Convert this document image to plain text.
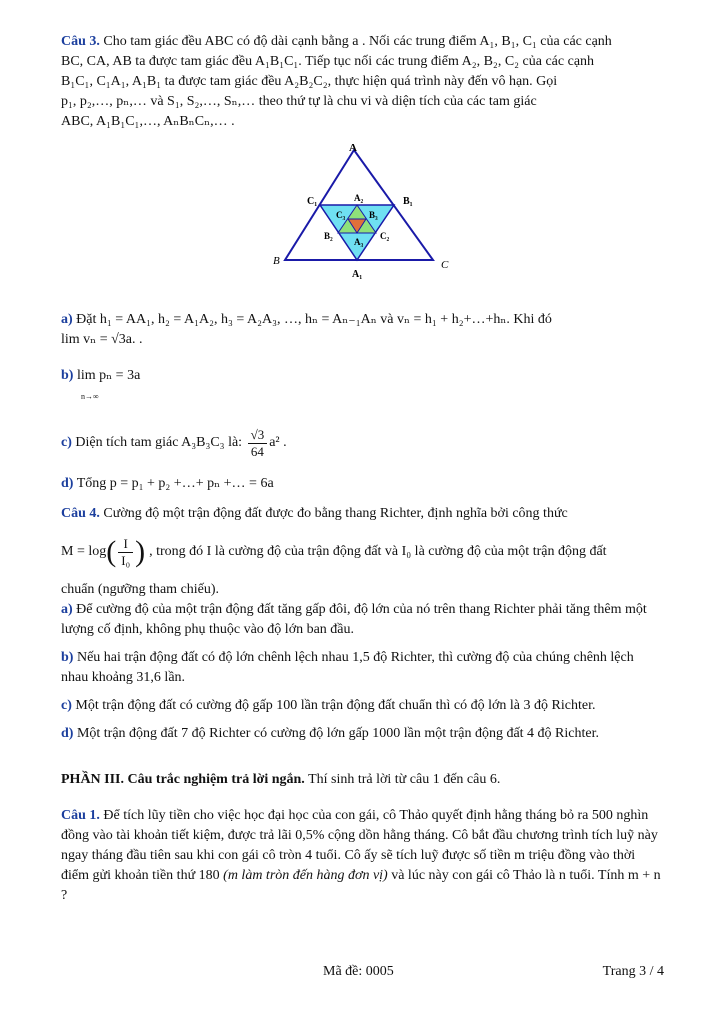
Câu 3. Cho tam giác đều ABC có độ dài cạnh bằng a . Nối các trung điểm A₁, B₁, C₁ của các cạnh

BC, CA, AB ta được tam giác đều A₁B₁C₁. Tiếp tục nối các trung điểm A₂, B₂, C₂ của các cạnh

B₁C₁, C₁A₁, A₁B₁ ta được tam giác đều A₂B₂C₂, thực hiện quá trình này đến vô hạn. Gọi

p₁, p₂,…, pₙ,… và S₁, S₂,…, Sₙ,… theo thứ tự là chu vi và diện tích của các tam giác

ABC, A₁B₁C₁,…, AₙBₙCₙ,… .

A
B	C
C₁	B₁
A₁
A₂
B₂	C₂
A₃
B₃
C₃

a) Đặt h₁ = AA₁, h₂ = A₁A₂, h₃ = A₂A₃, …, hₙ = Aₙ₋₁Aₙ và vₙ = h₁ + h₂+…+hₙ. Khi đó

lim vₙ = √3a. .

b) lim pₙ = 3a
n→∞

c)
Diện tích tam giác A₃B₃C₃ là:
$\frac{√3}{64} a^2$ .

d) Tổng p = p₁ + p₂ +…+ pₙ +… = 6a

Câu 4. Cường độ một trận động đất được đo bằng thang Richter, định nghĩa bởi công thức

M = log ( $\frac{I}{\text{I₀}}$ ) , trong đó I là cường độ của trận động đất và I₀ là cường độ của một trận động đất

chuẩn (ngưỡng tham chiếu).

a) Để cường độ của một trận động đất tăng gấp đôi, độ lớn của nó trên thang Richter phải tăng thêm một lượng cố định, không phụ thuộc vào độ lớn ban đầu.

b) Nếu hai trận động đất có độ lớn chênh lệch nhau 1,5 độ Richter, thì cường độ của chúng chênh lệch nhau khoảng 31,6 lần.

c) Một trận động đất có cường độ gấp 100 lần trận động đất chuẩn thì có độ lớn là 3 độ Richter.

d) Một trận động đất 7 độ Richter có cường độ lớn gấp 1000 lần một trận động đất 4 độ Richter.

PHẦN III. Câu trắc nghiệm trả lời ngắn. Thí sinh trả lời từ câu 1 đến câu 6.

Câu 1. Để tích lũy tiền cho việc học đại học của con gái, cô Thảo quyết định hằng tháng bỏ ra 500 nghìn đồng vào tài khoản tiết kiệm, được trả lãi 0,5% cộng dồn hằng tháng. Cô bắt đầu chương trình tích luỹ này ngay tháng đầu tiên sau khi con gái cô tròn 4 tuổi. Cô ấy sẽ tích luỹ được số tiền m triệu đồng vào thời điểm gửi khoản tiền thứ 180 (m làm tròn đến hàng đơn vị) và lúc này con gái cô Thảo là n tuổi. Tính m + n ?

Mã đề: 0005	Trang 3 / 4
